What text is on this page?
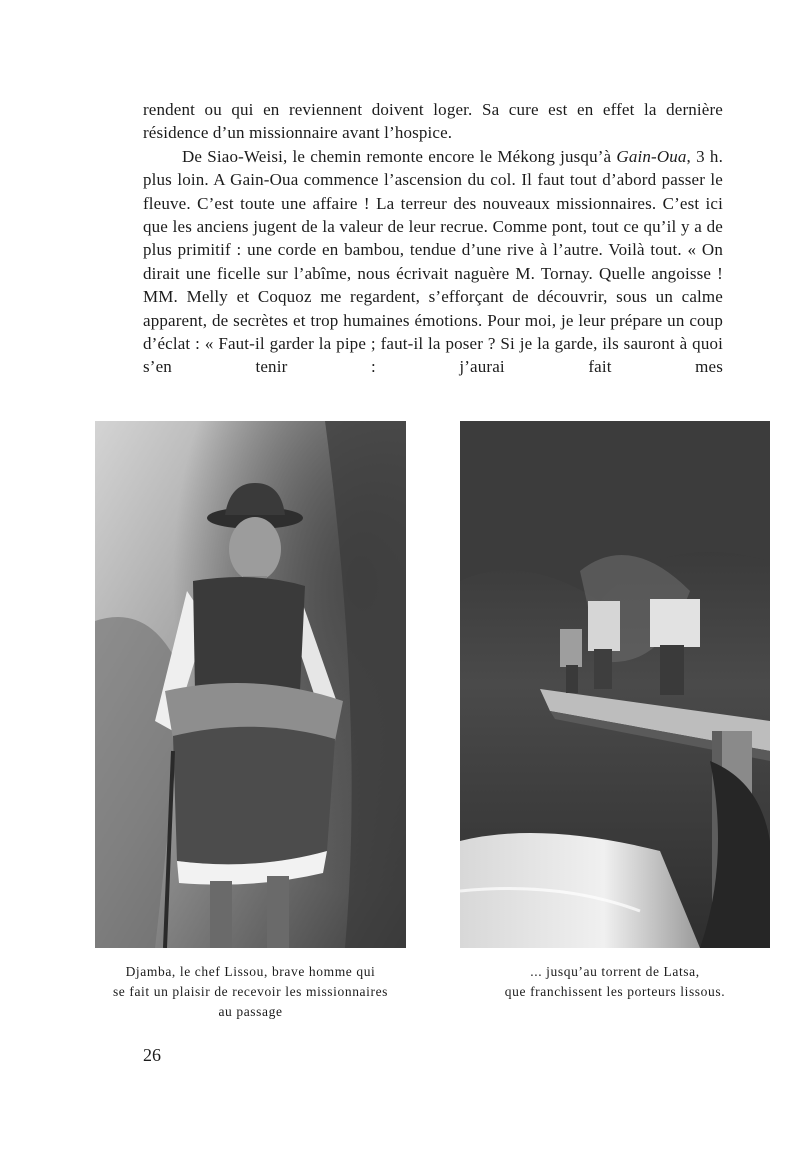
rendent ou qui en reviennent doivent loger. Sa cure est en effet la dernière résidence d’un missionnaire avant l’hospice.

De Siao-Weisi, le chemin remonte encore le Mékong jusqu’à Gain-Oua, 3 h. plus loin. A Gain-Oua commence l’ascension du col. Il faut tout d’abord passer le fleuve. C’est toute une affaire ! La terreur des nouveaux missionnaires. C’est ici que les anciens jugent de la valeur de leur recrue. Comme pont, tout ce qu’il y a de plus primitif : une corde en bambou, tendue d’une rive à l’autre. Voilà tout. « On dirait une ficelle sur l’abîme, nous écrivait naguère M. Tornay. Quelle angoisse ! MM. Melly et Coquoz me regardent, s’efforçant de découvrir, sous un calme apparent, de secrètes et trop humaines émotions. Pour moi, je leur prépare un coup d’éclat : « Faut-il garder la pipe ; faut-il la poser ? Si je la garde, ils sauront à quoi s’en tenir : j’aurai fait mes

Djamba, le chef Lissou, brave homme qui
se fait un plaisir de recevoir les missionnaires
au passage
... jusqu’au torrent de Latsa,
que franchissent les porteurs lissous.
26
